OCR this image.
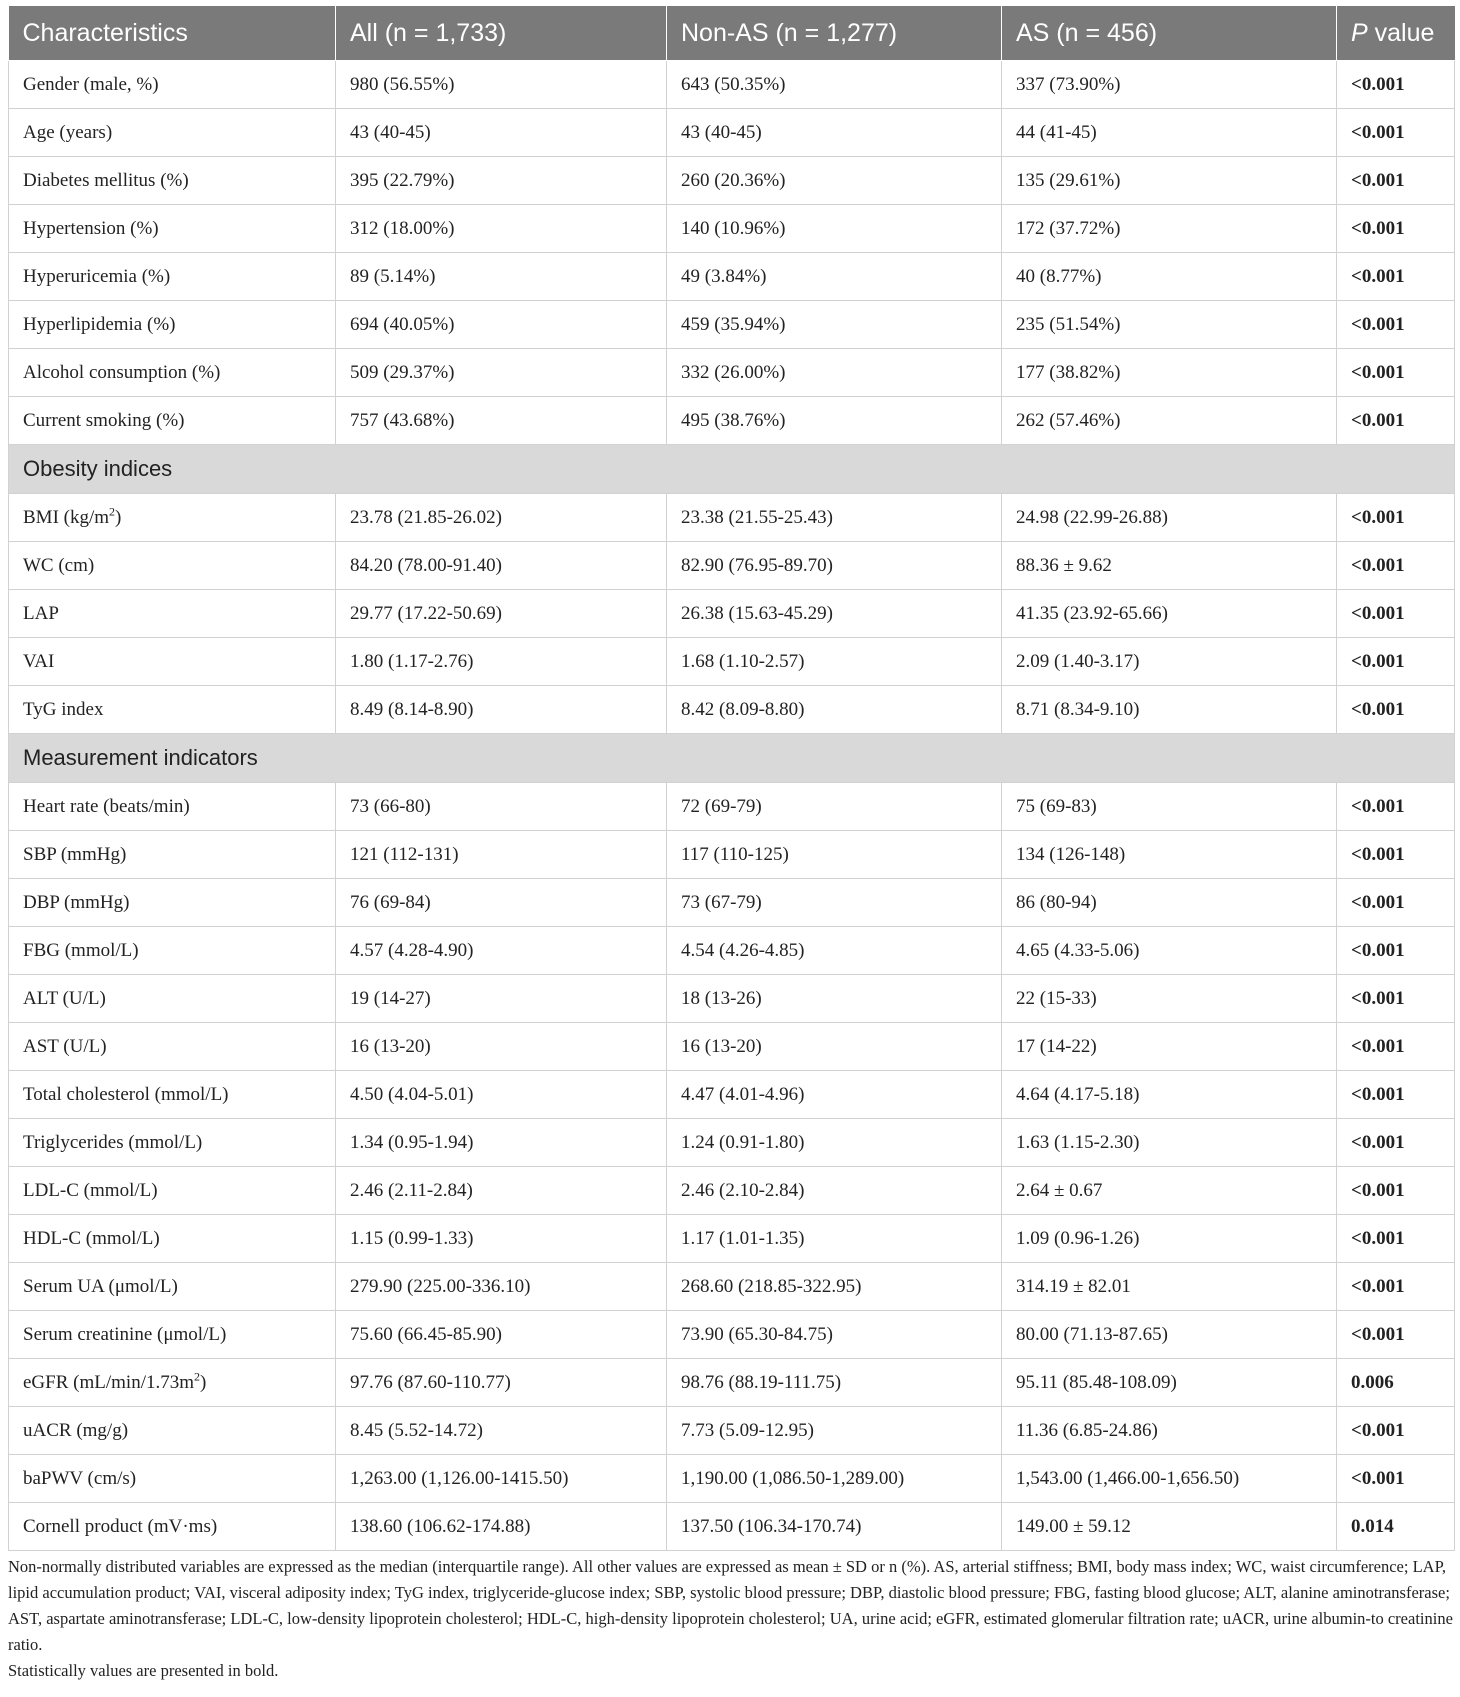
Characteristics	All (n = 1,733)	Non-AS (n = 1,277)	AS (n = 456)	P value
Gender (male, %)	980 (56.55%)	643 (50.35%)	337 (73.90%)	<0.001
Age (years)	43 (40-45)	43 (40-45)	44 (41-45)	<0.001
Diabetes mellitus (%)	395 (22.79%)	260 (20.36%)	135 (29.61%)	<0.001
Hypertension (%)	312 (18.00%)	140 (10.96%)	172 (37.72%)	<0.001
Hyperuricemia (%)	89 (5.14%)	49 (3.84%)	40 (8.77%)	<0.001
Hyperlipidemia (%)	694 (40.05%)	459 (35.94%)	235 (51.54%)	<0.001
Alcohol consumption (%)	509 (29.37%)	332 (26.00%)	177 (38.82%)	<0.001
Current smoking (%)	757 (43.68%)	495 (38.76%)	262 (57.46%)	<0.001
Obesity indices				
BMI $(kg/m^2)$	23.78 (21.85-26.02)	23.38 (21.55-25.43)	24.98 (22.99-26.88)	<0.001
WC (cm)	84.20 (78.00-91.40)	82.90 (76.95-89.70)	88.36 ± 9.62	<0.001
LAP	29.77 (17.22-50.69)	26.38 (15.63-45.29)	41.35 (23.92-65.66)	<0.001
VAI	1.80 (1.17-2.76)	1.68 (1.10-2.57)	2.09 (1.40-3.17)	<0.001
TyG index	8.49 (8.14-8.90)	8.42 (8.09-8.80)	8.71 (8.34-9.10)	<0.001
Measurement indicators				
Heart rate (beats/min)	73 (66-80)	72 (69-79)	75 (69-83)	<0.001
SBP (mmHg)	121 (112-131)	117 (110-125)	134 (126-148)	<0.001
DBP (mmHg)	76 (69-84)	73 (67-79)	86 (80-94)	<0.001
FBG (mmol/L)	4.57 (4.28-4.90)	4.54 (4.26-4.85)	4.65 (4.33-5.06)	<0.001
ALT (U/L)	19 (14-27)	18 (13-26)	22 (15-33)	<0.001
AST (U/L)	16 (13-20)	16 (13-20)	17 (14-22)	<0.001
Total cholesterol (mmol/L)	4.50 (4.04-5.01)	4.47 (4.01-4.96)	4.64 (4.17-5.18)	<0.001
Triglycerides (mmol/L)	1.34 (0.95-1.94)	1.24 (0.91-1.80)	1.63 (1.15-2.30)	<0.001
LDL-C (mmol/L)	2.46 (2.11-2.84)	2.46 (2.10-2.84)	2.64 ± 0.67	<0.001
HDL-C (mmol/L)	1.15 (0.99-1.33)	1.17 (1.01-1.35)	1.09 (0.96-1.26)	<0.001
Serum UA (μmol/L)	279.90 (225.00-336.10)	268.60 (218.85-322.95)	314.19 ± 82.01	<0.001
Serum creatinine (μmol/L)	75.60 (66.45-85.90)	73.90 (65.30-84.75)	80.00 (71.13-87.65)	<0.001
eGFR $(mL/\min/1.73m^2)$	97.76 (87.60-110.77)	98.76 (88.19-111.75)	95.11 (85.48-108.09)	0.006
uACR (mg/g)	8.45 (5.52-14.72)	7.73 (5.09-12.95)	11.36 (6.85-24.86)	<0.001
baPWV (cm/s)	1,263.00 (1,126.00-1415.50)	1,190.00 (1,086.50-1,289.00)	1,543.00 (1,466.00-1,656.50)	<0.001
Cornell product (mV·ms)	138.60 (106.62-174.88)	137.50 (106.34-170.74)	149.00 ± 59.12	0.014

Non-normally distributed variables are expressed as the median (interquartile range). All other values are expressed as mean ± SD or n (%). AS, arterial stiffness; BMI, body mass index; WC, waist circumference; LAP, lipid accumulation product; VAI, visceral adiposity index; TyG index, triglyceride-glucose index; SBP, systolic blood pressure; DBP, diastolic blood pressure; FBG, fasting blood glucose; ALT, alanine aminotransferase; AST, aspartate aminotransferase; LDL-C, low-density lipoprotein cholesterol; HDL-C, high-density lipoprotein cholesterol; UA, urine acid; eGFR, estimated glomerular filtration rate; uACR, urine albumin-to creatinine ratio.

Statistically values are presented in bold.
